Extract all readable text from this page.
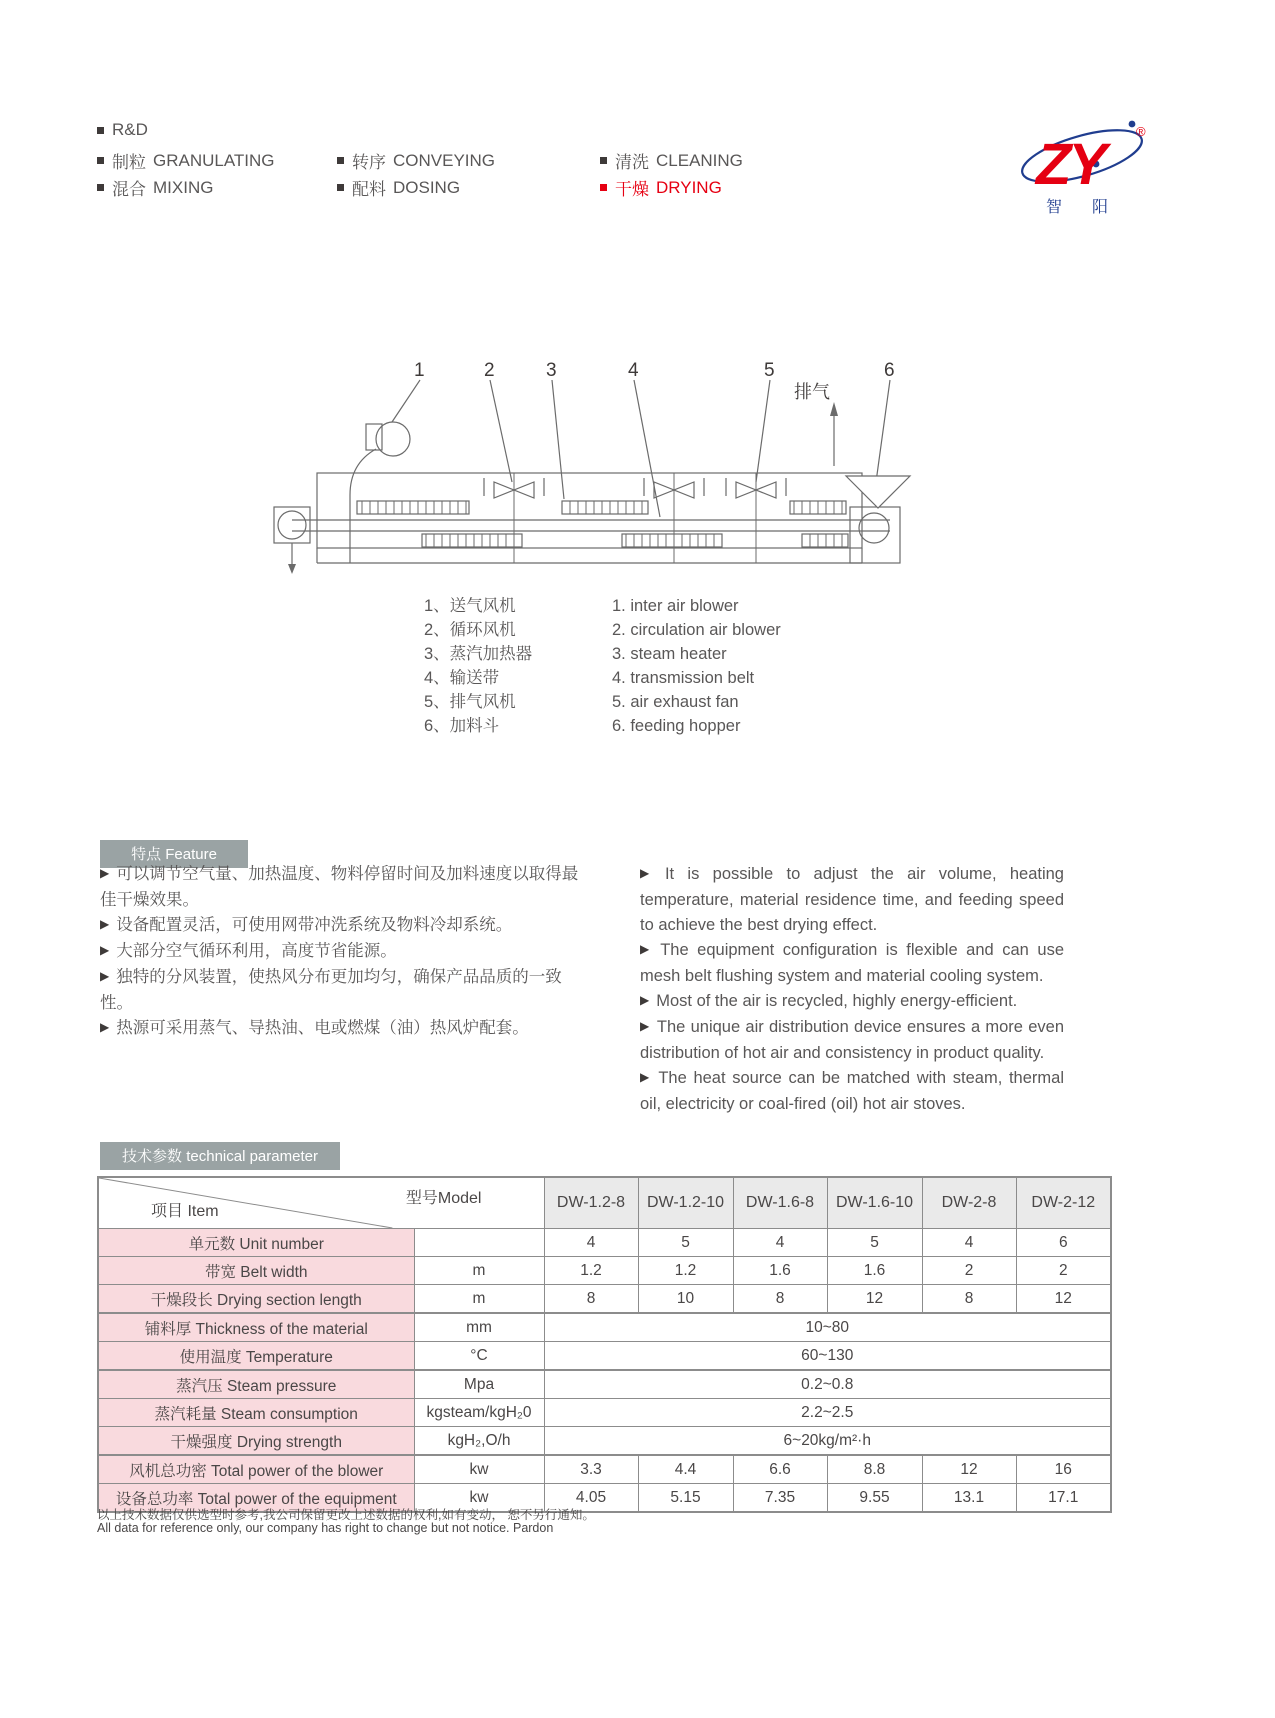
R&D
制粒 GRANULATING	转序 CONVEYING	清洗 CLEANING
混合 MIXING	配料 DOSING	干燥 DRYING	ZY
®
智阳
1	2	3	4	5	6
排气
1、送气风机
2、循环风机
3、蒸汽加热器
4、输送带
5、排气风机
6、加料斗
1. inter air blower
2. circulation air blower
3. steam heater
4. transmission belt
5. air exhaust fan
6. feeding hopper
特点 Feature

▶ 可以调节空气量、加热温度、物料停留时间及加料速度以取得最佳干燥效果。

▶ 设备配置灵活，可使用网带冲洗系统及物料冷却系统。

▶ 大部分空气循环利用，高度节省能源。

▶ 独特的分风装置，使热风分布更加均匀，确保产品品质的一致性。

▶ 热源可采用蒸气、导热油、电或燃煤（油）热风炉配套。

▶ It is possible to adjust the air volume, heating temperature, material residence time, and feeding speed to achieve the best drying effect.

▶ The equipment configuration is flexible and can use mesh belt flushing system and material cooling system.

▶ Most of the air is recycled, highly energy-efficient.

▶ The unique air distribution device ensures a more even distribution of hot air and consistency in product quality.

▶ The heat source can be matched with steam, thermal oil, electricity or coal-fired (oil) hot air stoves.

技术参数 technical parameter
项目 Item
型号Model		DW-1.2-8	DW-1.2-10	DW-1.6-8	DW-1.6-10	DW-2-8	DW-2-12
单元数 Unit number		4	5	4	5	4	6
带宽 Belt width	m	1.2	1.2	1.6	1.6	2	2
干燥段长 Drying section length	m	8	10	8	12	8	12
铺料厚 Thickness of the material	mm	10~80					
使用温度 Temperature	°C	60~130					
蒸汽压 Steam pressure	Mpa	0.2~0.8					
蒸汽耗量 Steam consumption	kgsteam/kgH₂0	2.2~2.5					
干燥强度 Drying strength	kgH₂,O/h	6~20kg/m²·h					
风机总功密 Total power of the blower	kw	3.3	4.4	6.6	8.8	12	16
设备总功率 Total power of the equipment	kw	4.05	5.15	7.35	9.55	13.1	17.1
以上技术数据仅供选型时参考,我公司保留更改上述数据的权利,如有变动， 恕不另行通知。
All data for reference only, our company has right to change but not notice. Pardon
